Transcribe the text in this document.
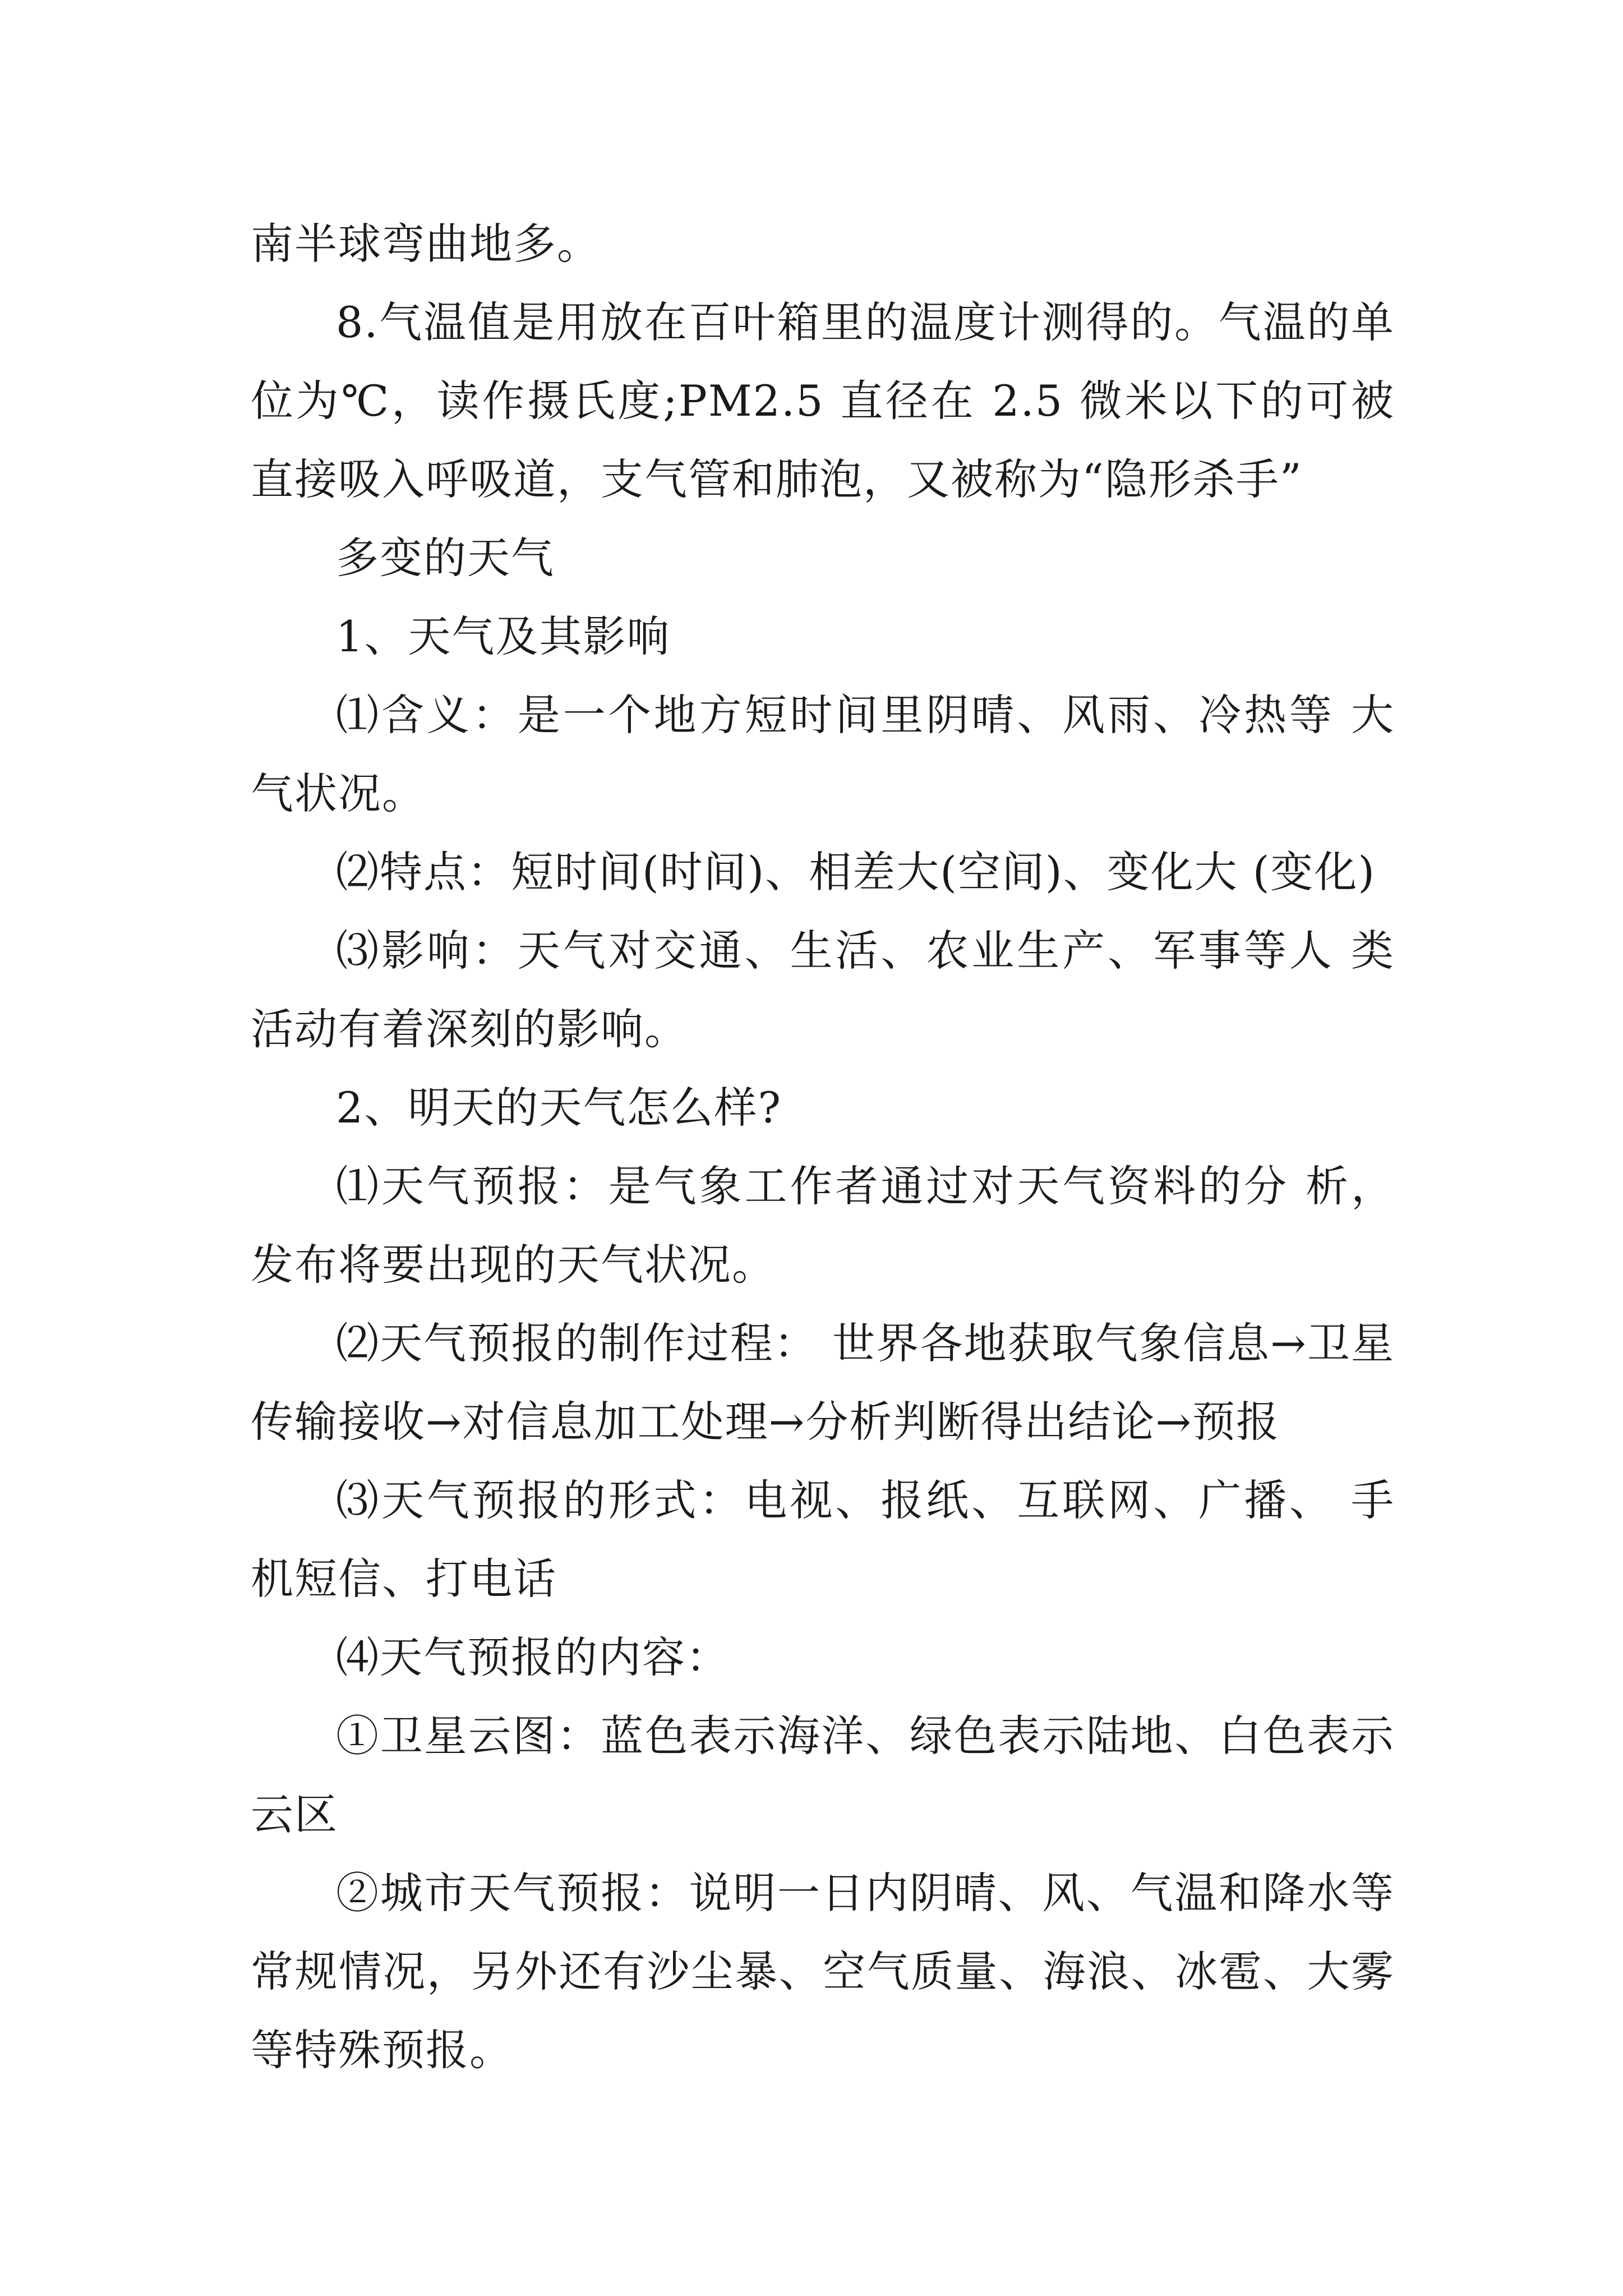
南半球弯曲地多。

8.气温值是用放在百叶箱里的温度计测得的。气温的单位为℃，读作摄氏度;PM2.5 直径在 2.5 微米以下的可被直接吸入呼吸道，支气管和肺泡，又被称为“隐形杀手”

多变的天气

1、天气及其影响

⑴含义：是一个地方短时间里阴晴、风雨、冷热等 大气状况。

⑵特点：短时间(时间)、相差大(空间)、变化大 (变化)

⑶影响：天气对交通、生活、农业生产、军事等人 类活动有着深刻的影响。

2、明天的天气怎么样?

⑴天气预报：是气象工作者通过对天气资料的分 析，发布将要出现的天气状况。

⑵天气预报的制作过程： 世界各地获取气象信息→卫星传输接收→对信息加工处理→分析判断得出结论→预报

⑶天气预报的形式：电视、报纸、互联网、广播、 手机短信、打电话

⑷天气预报的内容：

①卫星云图：蓝色表示海洋、绿色表示陆地、白色表示云区

②城市天气预报：说明一日内阴晴、风、气温和降水等常规情况，另外还有沙尘暴、空气质量、海浪、冰雹、大雾等特殊预报。
